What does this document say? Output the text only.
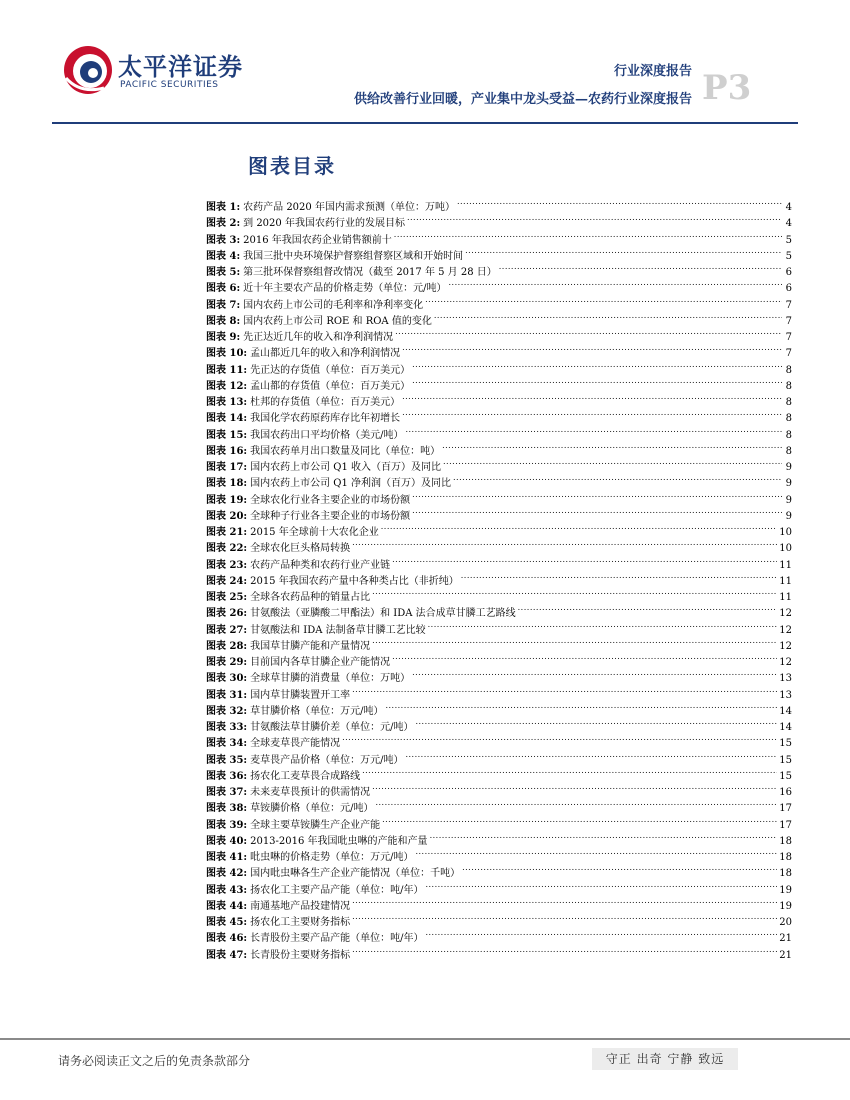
太平洋证券
PACIFIC SECURITIES
行业深度报告
供给改善行业回暖，产业集中龙头受益—农药行业深度报告 P3
图表目录
图表 1: 农药产品 2020 年国内需求预测（单位：万吨） .....	4
图表 2: 到 2020 年我国农药行业的发展目标 .....	4
图表 3: 2016 年我国农药企业销售额前十 .....	5
图表 4: 我国三批中央环境保护督察组督察区域和开始时间 .....	5
图表 5: 第三批环保督察组督改情况（截至 2017 年 5 月 28 日） .....	6
图表 6: 近十年主要农产品的价格走势（单位：元/吨） .....	6
图表 7: 国内农药上市公司的毛利率和净利率变化 .....	7
图表 8: 国内农药上市公司 ROE 和 ROA 值的变化 .....	7
图表 9: 先正达近几年的收入和净利润情况 .....	7
图表 10: 孟山都近几年的收入和净利润情况 .....	7
图表 11: 先正达的存货值（单位：百万美元） .....	8
图表 12: 孟山都的存货值（单位：百万美元） .....	8
图表 13: 杜邦的存货值（单位：百万美元） .....	8
图表 14: 我国化学农药原药库存比年初增长 .....	8
图表 15: 我国农药出口平均价格（美元/吨） .....	8
图表 16: 我国农药单月出口数量及同比（单位：吨） .....	8
图表 17: 国内农药上市公司 Q1 收入（百万）及同比 .....	9
图表 18: 国内农药上市公司 Q1 净利润（百万）及同比 .....	9
图表 19: 全球农化行业各主要企业的市场份额 .....	9
图表 20: 全球种子行业各主要企业的市场份额 .....	9
图表 21: 2015 年全球前十大农化企业 .....	10
图表 22: 全球农化巨头格局转换 .....	10
图表 23: 农药产品种类和农药行业产业链 .....	11
图表 24: 2015 年我国农药产量中各种类占比（非折纯） .....	11
图表 25: 全球各农药品种的销量占比 .....	11
图表 26: 甘氨酸法（亚膦酸二甲酯法）和 IDA 法合成草甘膦工艺路线 .....	12
图表 27: 甘氨酸法和 IDA 法制备草甘膦工艺比较 .....	12
图表 28: 我国草甘膦产能和产量情况 .....	12
图表 29: 目前国内各草甘膦企业产能情况 .....	12
图表 30: 全球草甘膦的消费量（单位：万吨） .....	13
图表 31: 国内草甘膦装置开工率 .....	13
图表 32: 草甘膦价格（单位：万元/吨） .....	14
图表 33: 甘氨酸法草甘膦价差（单位：元/吨） .....	14
图表 34: 全球麦草畏产能情况 .....	15
图表 35: 麦草畏产品价格（单位：万元/吨） .....	15
图表 36: 扬农化工麦草畏合成路线 .....	15
图表 37: 未来麦草畏预计的供需情况 .....	16
图表 38: 草铵膦价格（单位：元/吨） .....	17
图表 39: 全球主要草铵膦生产企业产能 .....	17
图表 40: 2013-2016 年我国吡虫啉的产能和产量 .....	18
图表 41: 吡虫啉的价格走势（单位：万元/吨） .....	18
图表 42: 国内吡虫啉各生产企业产能情况（单位：千吨） .....	18
图表 43: 扬农化工主要产品产能（单位：吨/年） .....	19
图表 44: 南通基地产品投建情况 .....	19
图表 45: 扬农化工主要财务指标 .....	20
图表 46: 长青股份主要产品产能（单位：吨/年） .....	21
图表 47: 长青股份主要财务指标 .....	21
请务必阅读正文之后的免责条款部分	守正 出奇 宁静 致远
